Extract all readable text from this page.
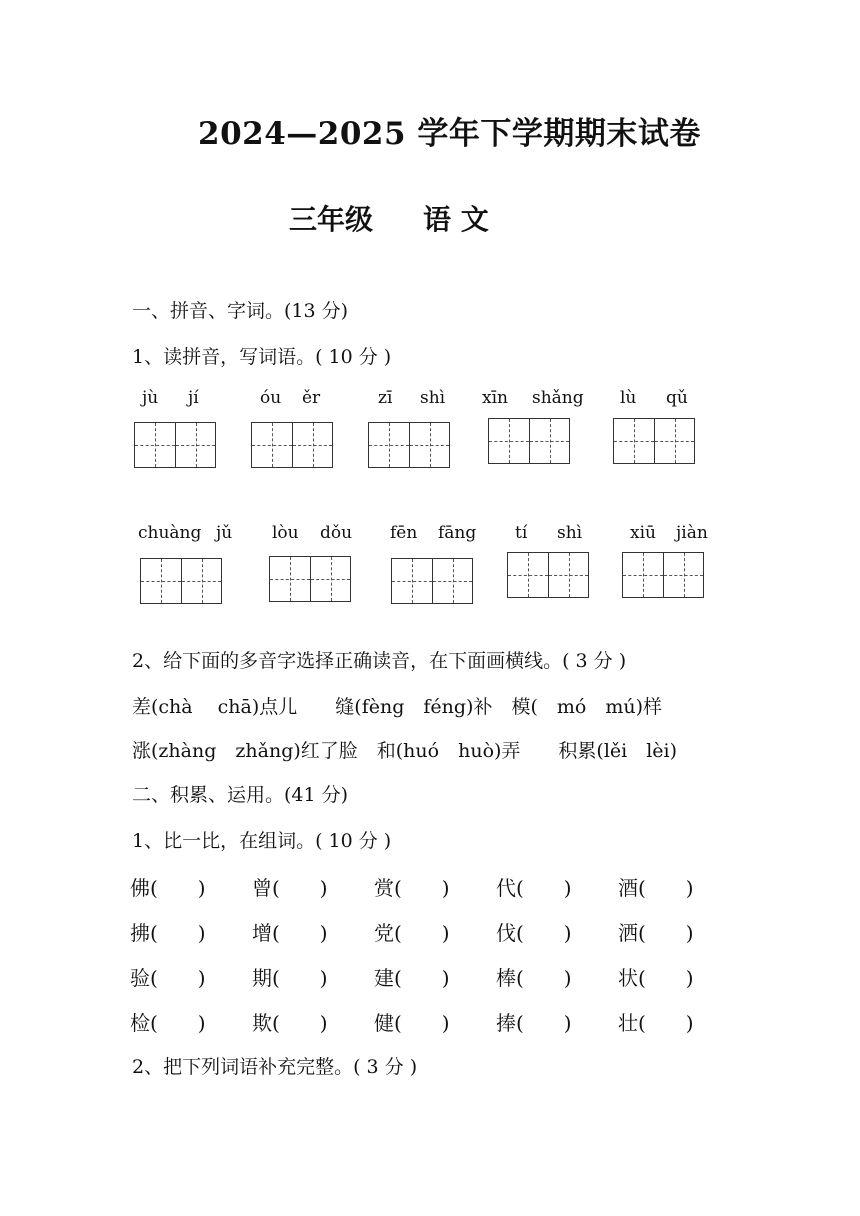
2024—2025 学年下学期期末试卷
三年级 语 文
一、拼音、字词。(13 分)
1、读拼音，写词语。( 10 分 )
jù jí	óu ěr	zī shì xīn shǎng lù qǔ
chuàng jǔ lòu dǒu fēn fāng tí shì	xiū jiàn
2、给下面的多音字选择正确读音，在下面画横线。( 3 分 )
差(chà　 chā)点儿　　缝(fèng　féng)补　模(　mó　mú)样
涨(zhàng　zhǎng)红了脸　和(huó　huò)弄　　积累(lěi　lèi)
二、积累、运用。(41 分)
1、比一比，在组词。( 10 分 )
佛(　　) 曾(　　) 赏(　　) 代(　　) 酒(　　)
拂(　　) 增(　　) 党(　　) 伐(　　) 洒(　　)
验(　　) 期(　　) 建(　　) 棒(　　) 状(　　)
检(　　) 欺(　　) 健(　　) 捧(　　) 壮(　　)
2、把下列词语补充完整。( 3 分 )
